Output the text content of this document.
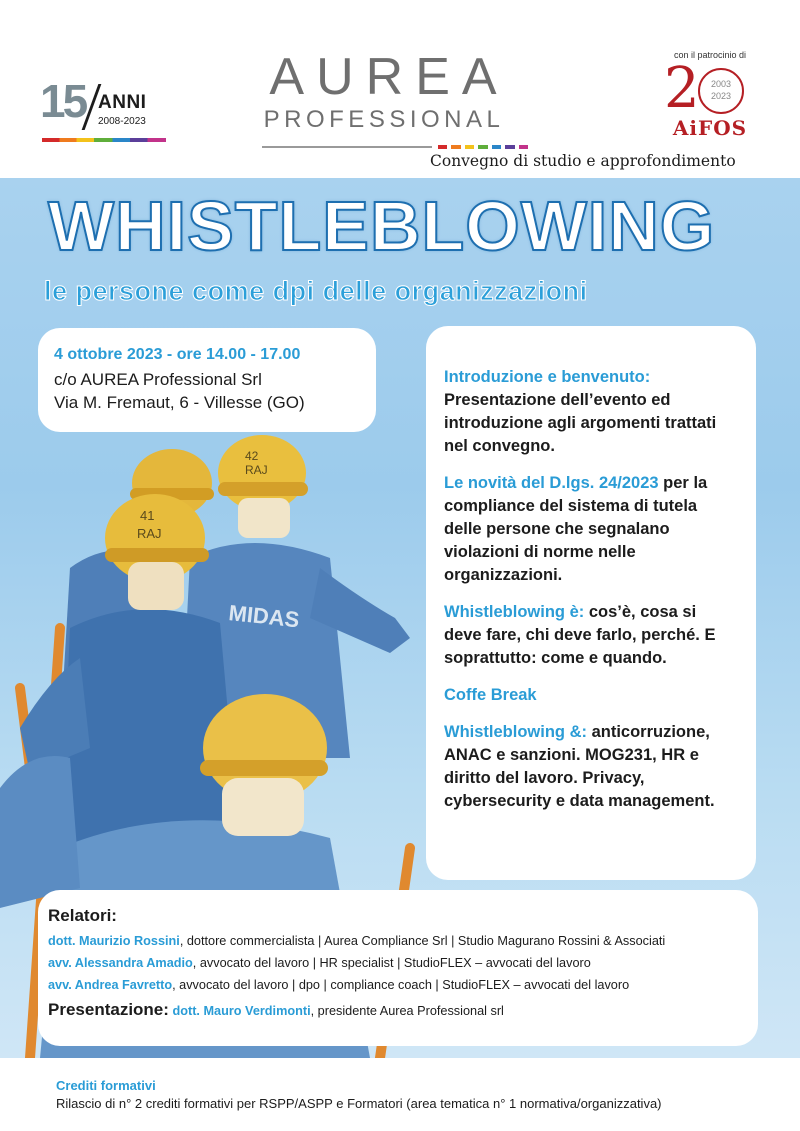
15 ANNI
2008-2023
AUREA
PROFESSIONAL
con il patrocinio di
2	2003
2023
AiFOS
Convegno di studio e approfondimento
WHISTLEBLOWING
le persone come dpi delle organizzazioni
MIDAS
42
RAJ
41
RAJ
4 ottobre 2023 - ore 14.00 - 17.00
c/o AUREA Professional Srl
Via M. Fremaut, 6 - Villesse (GO)
Introduzione e benvenuto: Presentazione dell’evento ed introduzione agli argomenti trattati nel convegno.
Le novità del D.lgs. 24/2023 per la compliance del sistema di tutela delle persone che segnalano violazioni di norme nelle organizzazioni.
Whistleblowing è: cos’è, cosa si deve fare, chi deve farlo, perché. E soprattutto: come e quando.
Coffe Break
Whistleblowing &: anticorruzione, ANAC e sanzioni. MOG231, HR e diritto del lavoro. Privacy, cybersecurity e data management.
Relatori:
dott. Maurizio Rossini, dottore commercialista | Aurea Compliance Srl | Studio Magurano Rossini & Associati
avv. Alessandra Amadio, avvocato del lavoro | HR specialist | StudioFLEX – avvocati del lavoro
avv. Andrea Favretto, avvocato del lavoro | dpo | compliance coach | StudioFLEX – avvocati del lavoro
Presentazione: dott. Mauro Verdimonti, presidente Aurea Professional srl
Crediti formativi
Rilascio di n° 2 crediti formativi per RSPP/ASPP e Formatori (area tematica n° 1 normativa/organizzativa)
